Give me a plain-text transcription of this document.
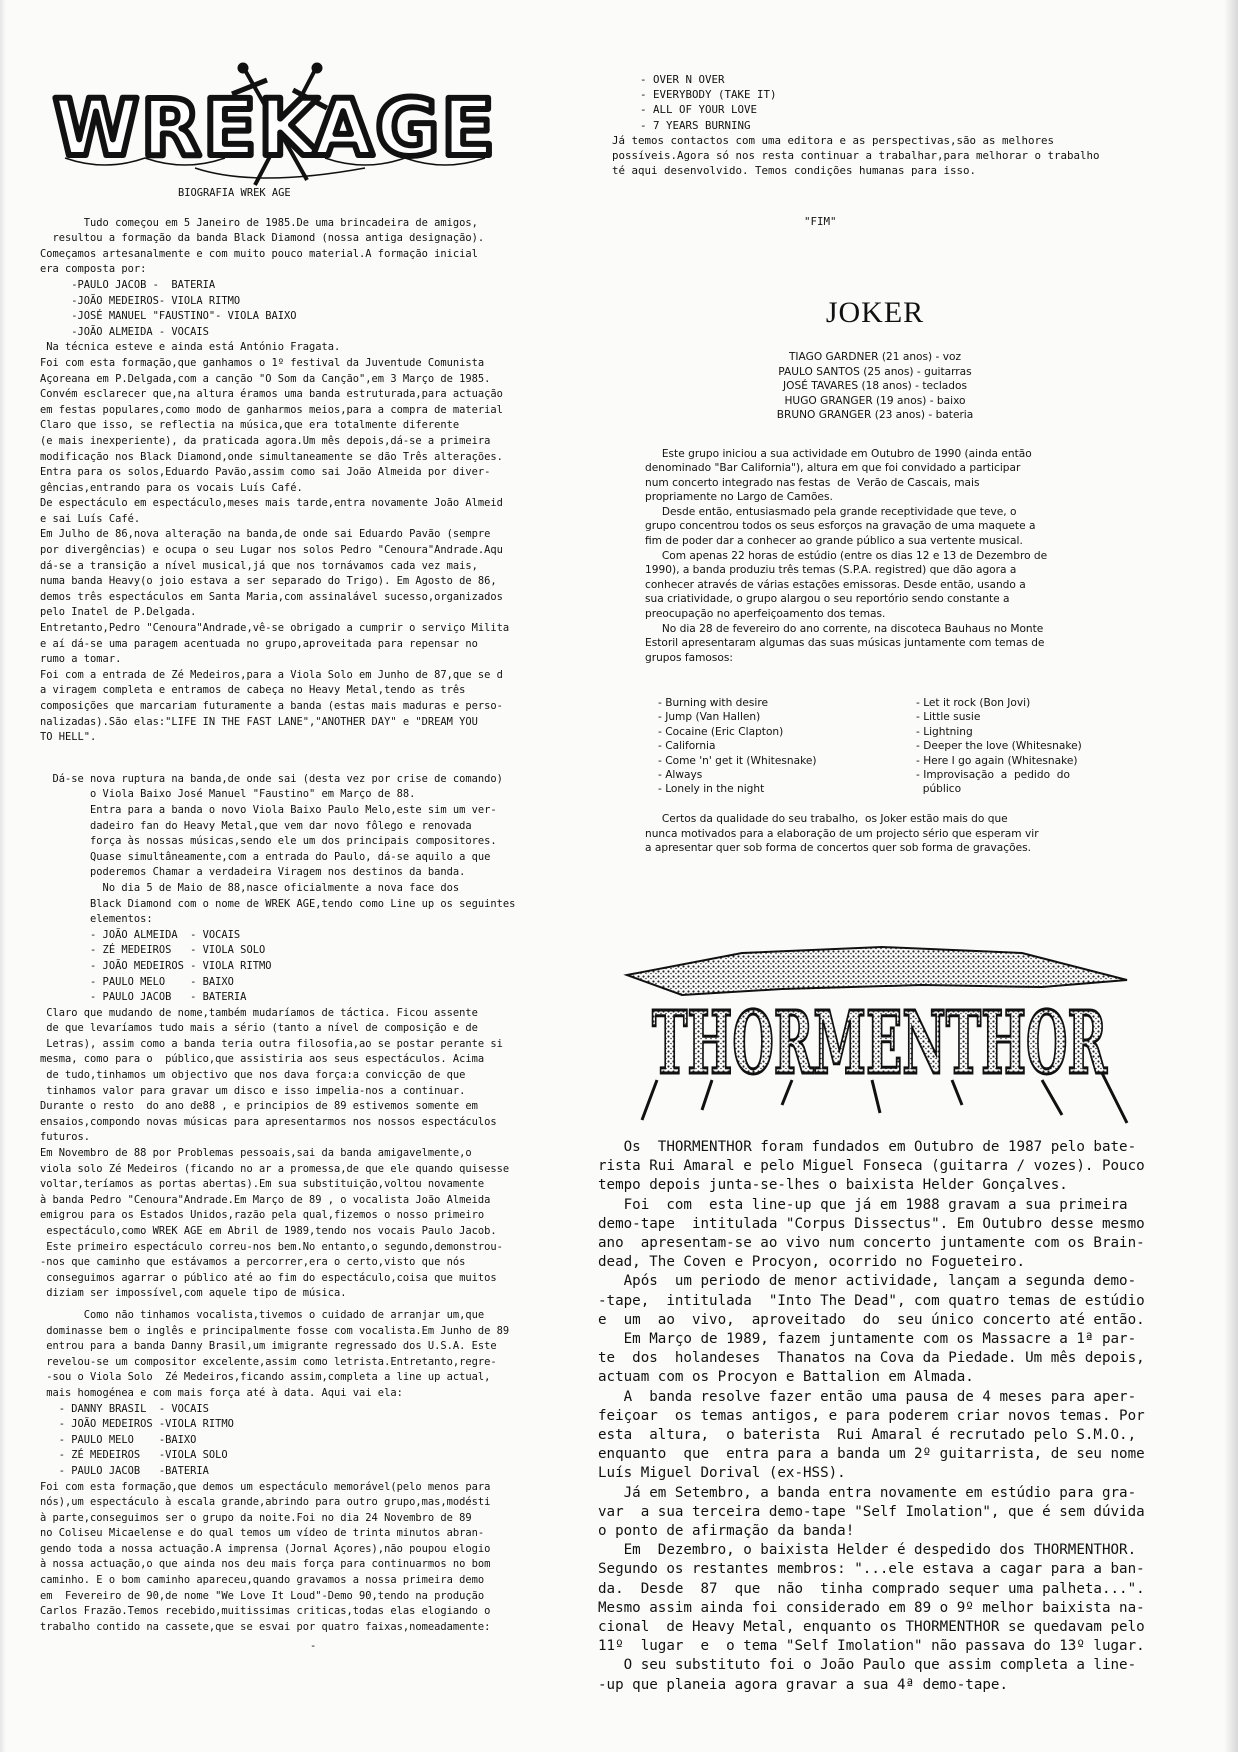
WREK
AGE

BIOGRAFIA WREK AGE

Tudo começou em 5 Janeiro de 1985.De uma brincadeira de amigos,
resultou a formação da banda Black Diamond (nossa antiga designação).
Começamos artesanalmente e com muito pouco material.A formação inicial
era composta por:
-PAULO JACOB -  BATERIA
-JOÃO MEDEIROS- VIOLA RITMO
-JOSÉ MANUEL "FAUSTINO"- VIOLA BAIXO
-JOÃO ALMEIDA - VOCAIS
Na técnica esteve e ainda está António Fragata.
Foi com esta formação,que ganhamos o 1º festival da Juventude Comunista
Açoreana em P.Delgada,com a canção "O Som da Canção",em 3 Março de 1985.
Convém esclarecer que,na altura éramos uma banda estruturada,para actuação
em festas populares,como modo de ganharmos meios,para a compra de material
Claro que isso, se reflectia na música,que era totalmente diferente
(e mais inexperiente), da praticada agora.Um mês depois,dá-se a primeira
modificação nos Black Diamond,onde simultaneamente se dão Três alterações.
Entra para os solos,Eduardo Pavão,assim como sai João Almeida por diver-
gências,entrando para os vocais Luís Café.
De espectáculo em espectáculo,meses mais tarde,entra novamente João Almeid
e sai Luís Café.
Em Julho de 86,nova alteração na banda,de onde sai Eduardo Pavão (sempre
por divergências) e ocupa o seu Lugar nos solos Pedro "Cenoura"Andrade.Aqu
dá-se a transição a nível musical,já que nos tornávamos cada vez mais,
numa banda Heavy(o joio estava a ser separado do Trigo). Em Agosto de 86,
demos três espectáculos em Santa Maria,com assinalável sucesso,organizados
pelo Inatel de P.Delgada.
Entretanto,Pedro "Cenoura"Andrade,vê-se obrigado a cumprir o serviço Milita
e aí dá-se uma paragem acentuada no grupo,aproveitada para repensar no
rumo a tomar.
Foi com a entrada de Zé Medeiros,para a Viola Solo em Junho de 87,que se d
a viragem completa e entramos de cabeça no Heavy Metal,tendo as três
composições que marcariam futuramente a banda (estas mais maduras e perso-
nalizadas).São elas:"LIFE IN THE FAST LANE","ANOTHER DAY" e "DREAM YOU
TO HELL".

Dá-se nova ruptura na banda,de onde sai (desta vez por crise de comando)
o Viola Baixo José Manuel "Faustino" em Março de 88.
Entra para a banda o novo Viola Baixo Paulo Melo,este sim um ver-
dadeiro fan do Heavy Metal,que vem dar novo fôlego e renovada
força às nossas músicas,sendo ele um dos principais compositores.
Quase simultâneamente,com a entrada do Paulo, dá-se aquilo a que
poderemos Chamar a verdadeira Viragem nos destinos da banda.
No dia 5 de Maio de 88,nasce oficialmente a nova face dos
Black Diamond com o nome de WREK AGE,tendo como Line up os seguintes
elementos:
- JOÃO ALMEIDA  - VOCAIS
- ZÉ MEDEIROS   - VIOLA SOLO
- JOÃO MEDEIROS - VIOLA RITMO
- PAULO MELO    - BAIXO
- PAULO JACOB   - BATERIA
Claro que mudando de nome,também mudaríamos de táctica. Ficou assente
de que levaríamos tudo mais a sério (tanto a nível de composição e de
Letras), assim como a banda teria outra filosofia,ao se postar perante si
mesma, como para o  público,que assistiria aos seus espectáculos. Acima
de tudo,tinhamos um objectivo que nos dava força:a convicção de que
tinhamos valor para gravar um disco e isso impelia-nos a continuar.
Durante o resto  do ano de88 , e principios de 89 estivemos somente em
ensaios,compondo novas músicas para apresentarmos nos nossos espectáculos
futuros.
Em Novembro de 88 por Problemas pessoais,sai da banda amigavelmente,o
viola solo Zé Medeiros (ficando no ar a promessa,de que ele quando quisesse
voltar,teríamos as portas abertas).Em sua substituição,voltou novamente
à banda Pedro "Cenoura"Andrade.Em Março de 89 , o vocalista João Almeida
emigrou para os Estados Unidos,razão pela qual,fizemos o nosso primeiro
espectáculo,como WREK AGE em Abril de 1989,tendo nos vocais Paulo Jacob.
Este primeiro espectáculo correu-nos bem.No entanto,o segundo,demonstrou-
-nos que caminho que estávamos a percorrer,era o certo,visto que nós
conseguimos agarrar o público até ao fim do espectáculo,coisa que muitos
diziam ser impossível,com aquele tipo de música.

Como não tinhamos vocalista,tivemos o cuidado de arranjar um,que
dominasse bem o inglês e principalmente fosse com vocalista.Em Junho de 89
entrou para a banda Danny Brasil,um imigrante regressado dos U.S.A. Este
revelou-se um compositor excelente,assim como letrista.Entretanto,regre-
-sou o Viola Solo  Zé Medeiros,ficando assim,completa a line up actual,
mais homogénea e com mais força até à data. Aqui vai ela:
- DANNY BRASIL  - VOCAIS
- JOÃO MEDEIROS -VIOLA RITMO
- PAULO MELO    -BAIXO
- ZÉ MEDEIROS   -VIOLA SOLO
- PAULO JACOB   -BATERIA
Foi com esta formação,que demos um espectáculo memorável(pelo menos para
nós),um espectáculo à escala grande,abrindo para outro grupo,mas,modésti
à parte,conseguimos ser o grupo da noite.Foi no dia 24 Novembro de 89
no Coliseu Micaelense e do qual temos um vídeo de trinta minutos abran-
gendo toda a nossa actuação.A imprensa (Jornal Açores),não poupou elogio
à nossa actuação,o que ainda nos deu mais força para continuarmos no bom
caminho. E o bom caminho apareceu,quando gravamos a nossa primeira demo
em  Fevereiro de 90,de nome "We Love It Loud"-Demo 90,tendo na produção
Carlos Frazão.Temos recebido,muitissimas criticas,todas elas elogiando o
trabalho contido na cassete,que se esvai por quatro faixas,nomeadamente:

-

- OVER N OVER
- EVERYBODY (TAKE IT)
- ALL OF YOUR LOVE
- 7 YEARS BURNING

Já temos contactos com uma editora e as perspectivas,são as melhores
possíveis.Agora só nos resta continuar a trabalhar,para melhorar o trabalho
té aqui desenvolvido. Temos condições humanas para isso.

"FIM"

JOKER

TIAGO GARDNER (21 anos) - voz
PAULO SANTOS (25 anos) - guitarras
JOSÉ TAVARES (18 anos) - teclados
HUGO GRANGER (19 anos) - baixo
BRUNO GRANGER (23 anos) - bateria

Este grupo iniciou a sua actividade em Outubro de 1990 (ainda então
denominado "Bar California"), altura em que foi convidado a participar
num concerto integrado nas festas  de  Verão de Cascais, mais
propriamente no Largo de Camões.
Desde então, entusiasmado pela grande receptividade que teve, o
grupo concentrou todos os seus esforços na gravação de uma maquete a
fim de poder dar a conhecer ao grande público a sua vertente musical.
Com apenas 22 horas de estúdio (entre os dias 12 e 13 de Dezembro de
1990), a banda produziu três temas (S.P.A. registred) que dão agora a
conhecer através de várias estações emissoras. Desde então, usando a
sua criatividade, o grupo alargou o seu reportório sendo constante a
preocupação no aperfeiçoamento dos temas.
No dia 28 de fevereiro do ano corrente, na discoteca Bauhaus no Monte
Estoril apresentaram algumas das suas músicas juntamente com temas de
grupos famosos:

- Burning with desire
- Jump (Van Hallen)
- Cocaine (Eric Clapton)
- California
- Come 'n' get it (Whitesnake)
- Always
- Lonely in the night

- Let it rock (Bon Jovi)
- Little susie
- Lightning
- Deeper the love (Whitesnake)
- Here I go again (Whitesnake)
- Improvisação  a  pedido  do
público

Certos da qualidade do seu trabalho,  os Joker estão mais do que
nunca motivados para a elaboração de um projecto sério que esperam vir
a apresentar quer sob forma de concertos quer sob forma de gravações.

THORMENTHOR

Os  THORMENTHOR foram fundados em Outubro de 1987 pelo bate-
rista Rui Amaral e pelo Miguel Fonseca (guitarra / vozes). Pouco
tempo depois junta-se-lhes o baixista Helder Gonçalves.
Foi  com  esta line-up que já em 1988 gravam a sua primeira
demo-tape  intitulada "Corpus Dissectus". Em Outubro desse mesmo
ano  apresentam-se ao vivo num concerto juntamente com os Brain-
dead, The Coven e Procyon, ocorrido no Fogueteiro.
Após  um periodo de menor actividade, lançam a segunda demo-
-tape,  intitulada  "Into The Dead", com quatro temas de estúdio
e  um  ao  vivo,  aproveitado  do  seu único concerto até então.
Em Março de 1989, fazem juntamente com os Massacre a 1ª par-
te  dos  holandeses  Thanatos na Cova da Piedade. Um mês depois,
actuam com os Procyon e Battalion em Almada.
A  banda resolve fazer então uma pausa de 4 meses para aper-
feiçoar  os temas antigos, e para poderem criar novos temas. Por
esta  altura,  o baterista  Rui Amaral é recrutado pelo S.M.O.,
enquanto  que  entra para a banda um 2º guitarrista, de seu nome
Luís Miguel Dorival (ex-HSS).
Já em Setembro, a banda entra novamente em estúdio para gra-
var  a sua terceira demo-tape "Self Imolation", que é sem dúvida
o ponto de afirmação da banda!
Em  Dezembro, o baixista Helder é despedido dos THORMENTHOR.
Segundo os restantes membros: "...ele estava a cagar para a ban-
da.  Desde  87  que  não  tinha comprado sequer uma palheta...".
Mesmo assim ainda foi considerado em 89 o 9º melhor baixista na-
cional  de Heavy Metal, enquanto os THORMENTHOR se quedavam pelo
11º  lugar  e  o tema "Self Imolation" não passava do 13º lugar.
O seu substituto foi o João Paulo que assim completa a line-
-up que planeia agora gravar a sua 4ª demo-tape.
